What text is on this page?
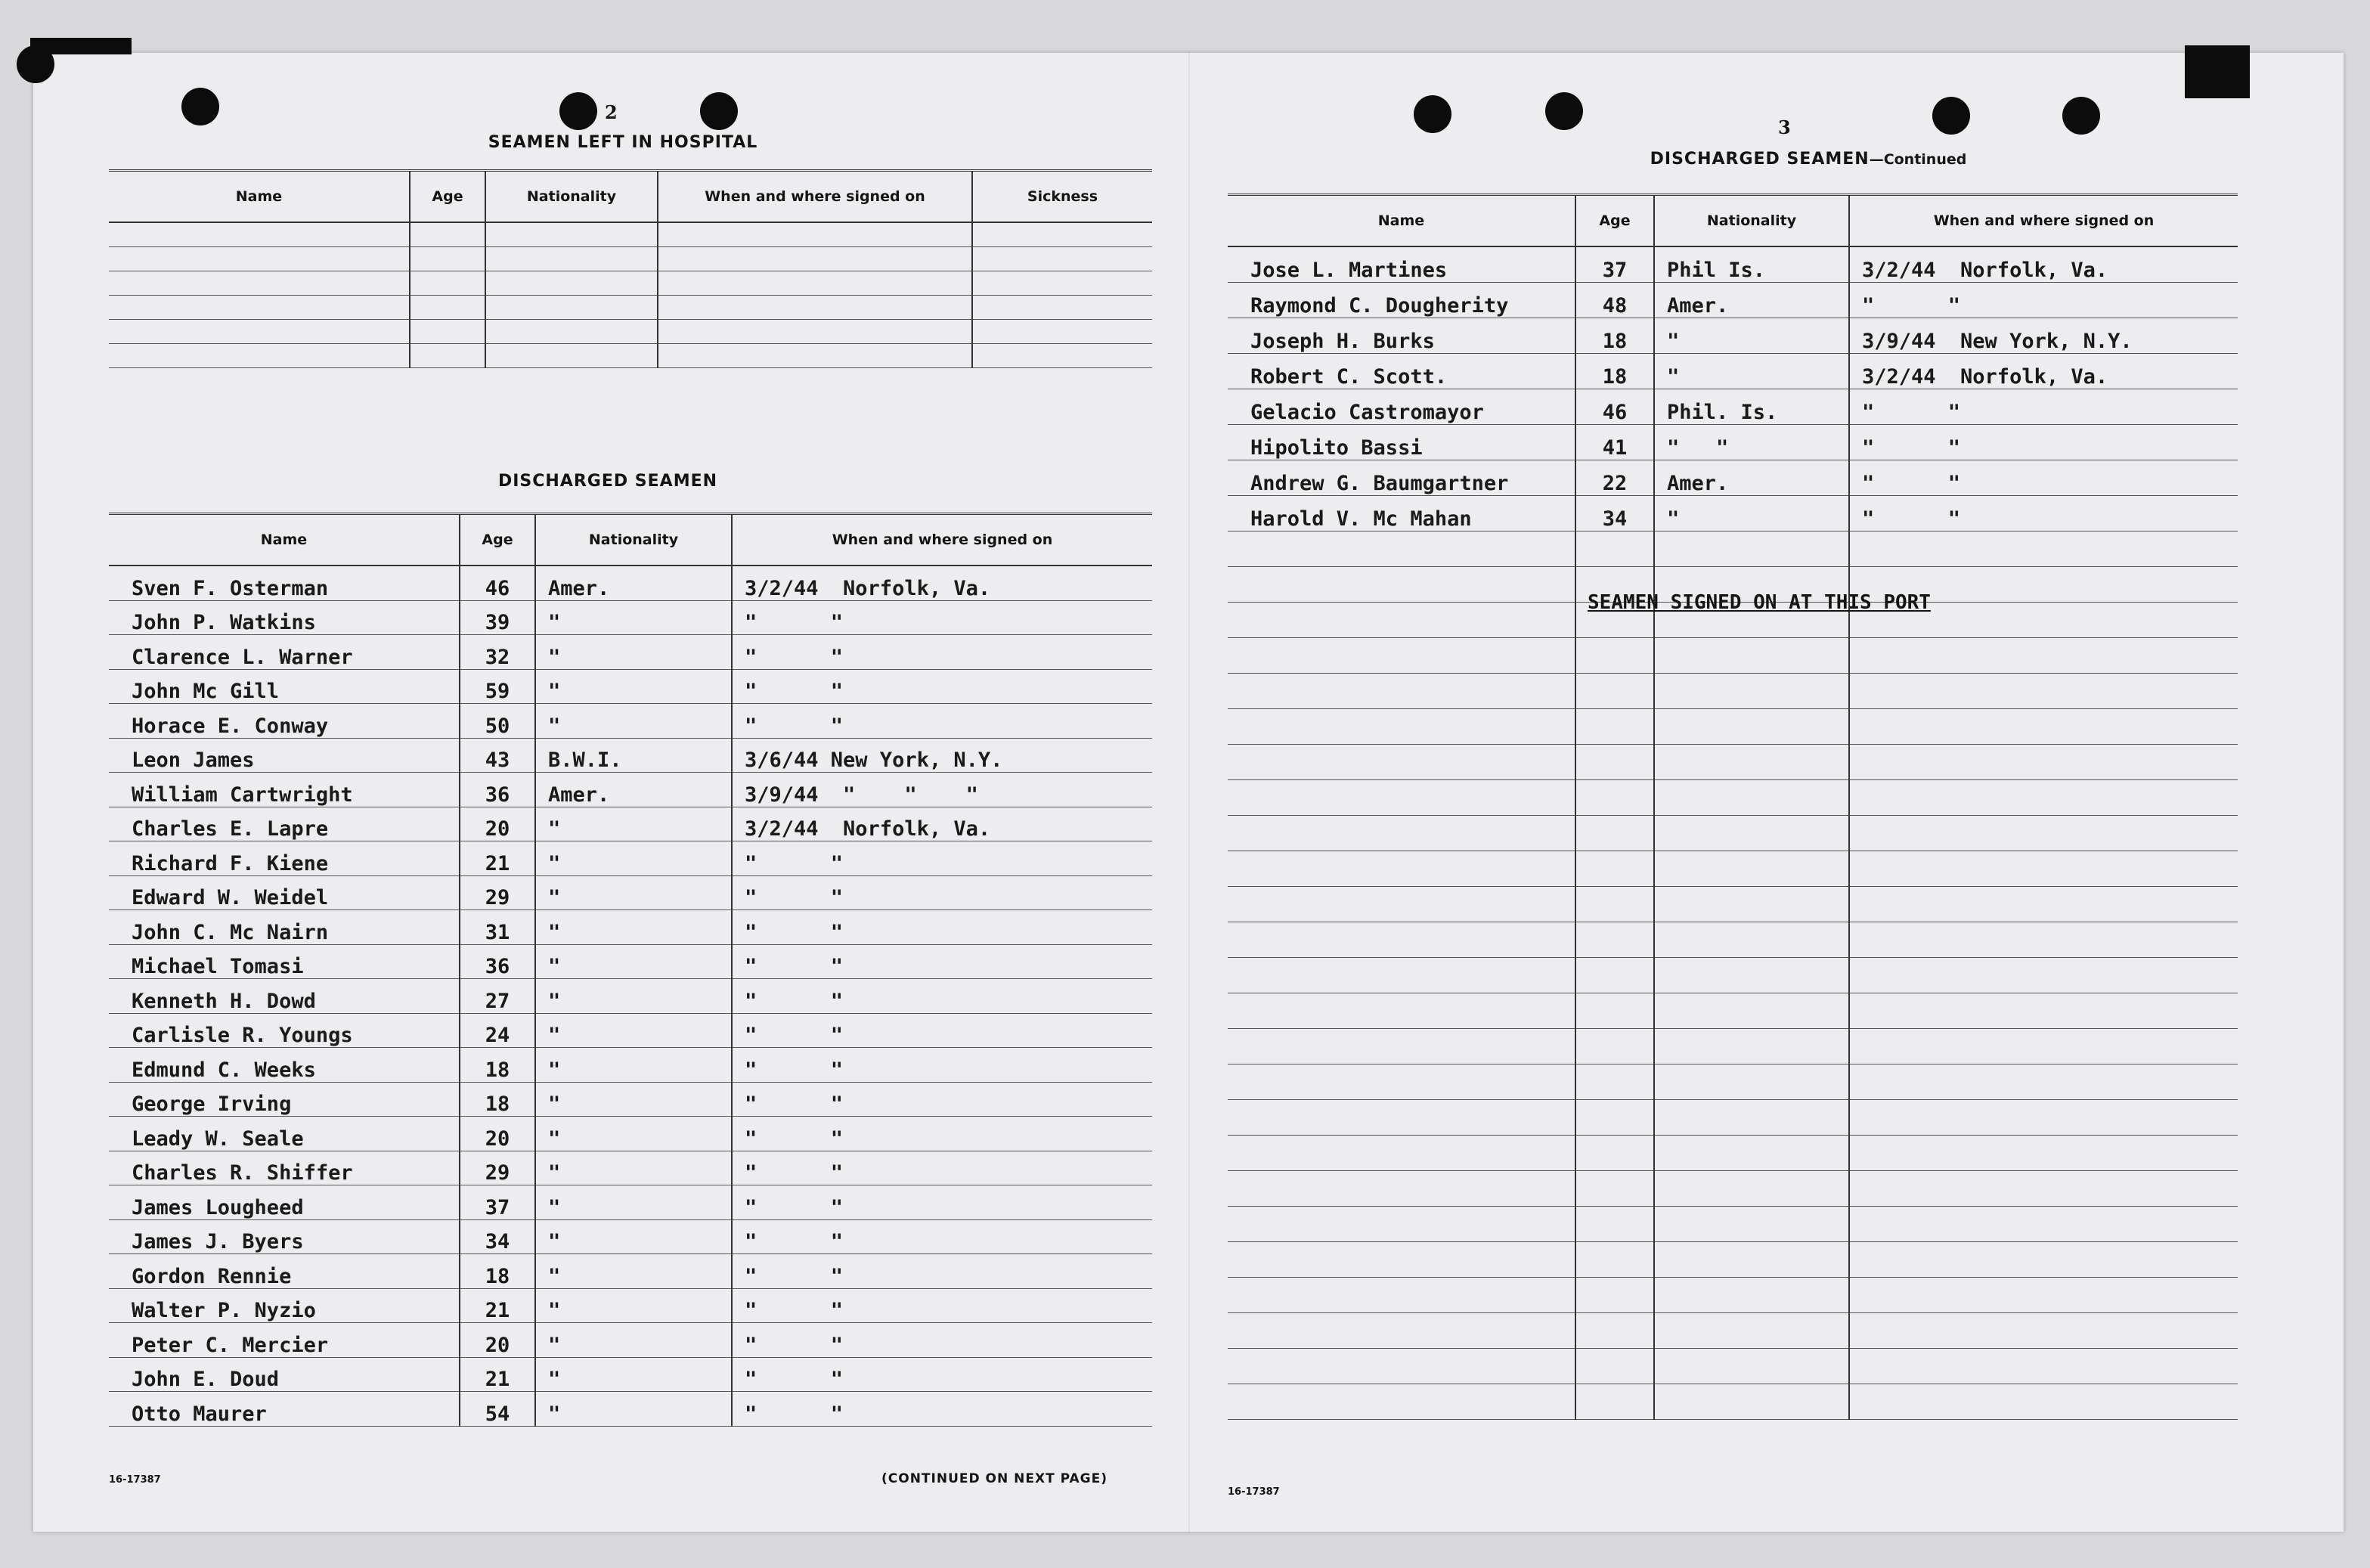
2
SEAMEN LEFT IN HOSPITAL
Name	Age	Nationality	When and where signed on	Sickness

DISCHARGED SEAMEN
Name	Age	Nationality	When and where signed on
Sven F. Osterman	46	Amer.	3/2/44  Norfolk, Va.
John P. Watkins	39	"	"      "
Clarence L. Warner	32	"	"      "
John Mc Gill	59	"	"      "
Horace E. Conway	50	"	"      "
Leon James	43	B.W.I.	3/6/44 New York, N.Y.
William Cartwright	36	Amer.	3/9/44  "    "    "
Charles E. Lapre	20	"	3/2/44  Norfolk, Va.
Richard F. Kiene	21	"	"      "
Edward W. Weidel	29	"	"      "
John C. Mc Nairn	31	"	"      "
Michael Tomasi	36	"	"      "
Kenneth H. Dowd	27	"	"      "
Carlisle R. Youngs	24	"	"      "
Edmund C. Weeks	18	"	"      "
George Irving	18	"	"      "
Leady W. Seale	20	"	"      "
Charles R. Shiffer	29	"	"      "
James Lougheed	37	"	"      "
James J. Byers	34	"	"      "
Gordon Rennie	18	"	"      "
Walter P. Nyzio	21	"	"      "
Peter C. Mercier	20	"	"      "
John E. Doud	21	"	"      "
Otto Maurer	54	"	"      "
16-17387	(CONTINUED ON NEXT PAGE)
3
DISCHARGED SEAMEN—Continued
Name	Age	Nationality	When and where signed on
Jose L. Martines	37	Phil Is.	3/2/44  Norfolk, Va.
Raymond C. Dougherity	48	Amer.	"      "
Joseph H. Burks	18	"	3/9/44  New York, N.Y.
Robert C. Scott.	18	"	3/2/44  Norfolk, Va.
Gelacio Castromayor	46	Phil. Is.	"      "
Hipolito Bassi	41	"   "	"      "
Andrew G. Baumgartner	22	Amer.	"      "
Harold V. Mc Mahan	34	"	"      "

SEAMEN SIGNED ON AT THIS PORT
16-17387
